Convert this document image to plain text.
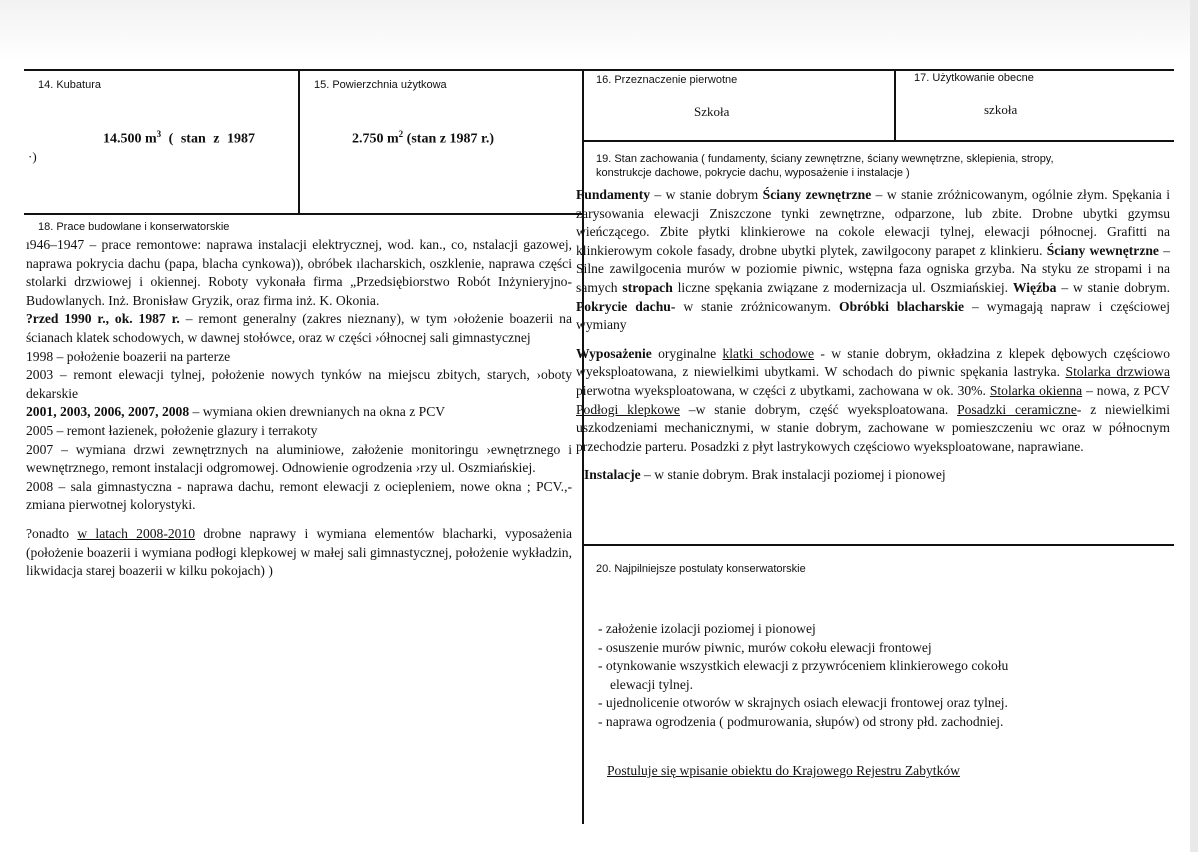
14. Kubatura
14.500 $m^3$ ( stan z 1987
·)
15. Powierzchnia użytkowa
2.750 $m^2$ (stan z 1987 r.)
16. Przeznaczenie pierwotne
Szkoła
17. Użytkowanie obecne
szkoła
18. Prace budowlane i konserwatorskie

ı946–1947 – prace remontowe: naprawa instalacji elektrycznej, wod. kan., co, nstalacji gazowej, naprawa pokrycia dachu (papa, blacha cynkowa)), obróbek ılacharskich, oszklenie, naprawa części stolarki drzwiowej i okiennej. Roboty vykonała firma „Przedsiębiorstwo Robót Inżynieryjno-Budowlanych. Inż. Bronisław Gryzik, oraz firma inż. K. Okonia.

?rzed 1990 r., ok. 1987 r. – remont generalny (zakres nieznany), w tym ›ołożenie boazerii na ścianach klatek schodowych, w dawnej stołówce, oraz w części ›ółnocnej sali gimnastycznej

1998 – położenie boazerii na parterze

2003 – remont elewacji tylnej, położenie nowych tynków na miejscu zbitych, starych, ›oboty dekarskie

2001, 2003, 2006, 2007, 2008 – wymiana okien drewnianych na okna z PCV

2005 – remont łazienek, położenie glazury i terrakoty

2007 – wymiana drzwi zewnętrznych na aluminiowe, założenie monitoringu ›ewnętrznego i wewnętrznego, remont instalacji odgromowej. Odnowienie ogrodzenia ›rzy ul. Oszmiańskiej.

2008 – sala gimnastyczna - naprawa dachu, remont elewacji z ociepleniem, nowe okna ; PCV.,- zmiana pierwotnej kolorystyki.

?onadto w latach 2008-2010 drobne naprawy i wymiana elementów blacharki, vyposażenia (położenie boazerii i wymiana podłogi klepkowej w małej sali gimnastycznej, położenie wykładzin, likwidacja starej boazerii w kilku pokojach) )

19. Stan zachowania ( fundamenty, ściany zewnętrzne, ściany wewnętrzne, sklepienia, stropy,
konstrukcje dachowe, pokrycie dachu, wyposażenie i instalacje )

Fundamenty – w stanie dobrym Ściany zewnętrzne – w stanie zróżnicowanym, ogólnie złym. Spękania i zarysowania elewacji Zniszczone tynki zewnętrzne, odparzone, lub zbite. Drobne ubytki gzymsu wieńczącego. Zbite płytki klinkierowe na cokole elewacji tylnej, elewacji północnej. Grafitti na klinkierowym cokole fasady, drobne ubytki plytek, zawilgocony parapet z klinkieru. Ściany wewnętrzne – Silne zawilgocenia murów w poziomie piwnic, wstępna faza ogniska grzyba. Na styku ze stropami i na samych stropach liczne spękania związane z modernizacja ul. Oszmiańskiej. Więźba – w stanie dobrym. Pokrycie dachu- w stanie zróżnicowanym. Obróbki blacharskie – wymagają napraw i częściowej wymiany

Wyposażenie oryginalne klatki schodowe - w stanie dobrym, okładzina z klepek dębowych częściowo wyeksploatowana, z niewielkimi ubytkami. W schodach do piwnic spękania lastryka. Stolarka drzwiowa pierwotna wyeksploatowana, w części z ubytkami, zachowana w ok. 30%. Stolarka okienna – nowa, z PCV Podłogi klepkowe –w stanie dobrym, część wyeksploatowana. Posadzki ceramiczne- z niewielkimi uszkodzeniami mechanicznymi, w stanie dobrym, zachowane w pomieszczeniu wc oraz w północnym przechodzie parteru. Posadzki z płyt lastrykowych częściowo wyeksploatowane, naprawiane.

Instalacje – w stanie dobrym. Brak instalacji poziomej i pionowej

20. Najpilniejsze postulaty konserwatorskie
- założenie izolacji poziomej i pionowej
- osuszenie murów piwnic, murów cokołu elewacji frontowej
- otynkowanie wszystkich elewacji z przywróceniem klinkierowego cokołu
elewacji tylnej.
- ujednolicenie otworów w skrajnych osiach elewacji frontowej oraz tylnej.
- naprawa ogrodzenia ( podmurowania, słupów) od strony płd. zachodniej.
Postuluje się wpisanie obiektu do Krajowego Rejestru Zabytków
